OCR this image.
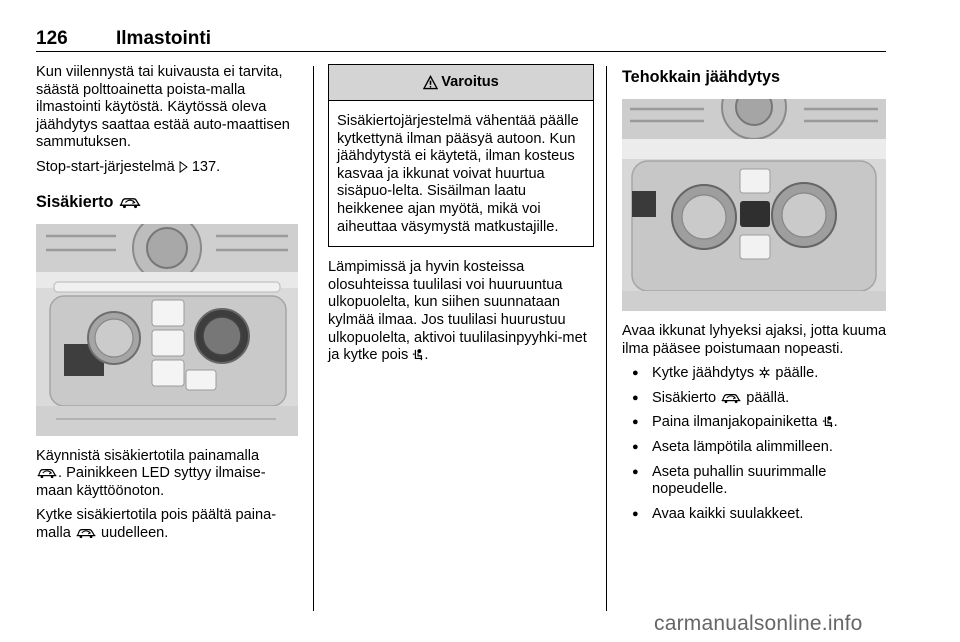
126	Ilmastointi

Kun viilennystä tai kuivausta ei tarvita, säästä polttoainetta poista-malla ilmastointi käytöstä. Käytössä oleva jäähdytys saattaa estää auto-maattisen sammutuksen.

Stop-start-järjestelmä 137.

Sisäkierto

Käynnistä sisäkiertotila painamalla
. Painikkeen LED syttyy ilmaise-maan käyttöönoton.

Kytke sisäkiertotila pois päältä paina-malla uudelleen.

Varoitus
Sisäkiertojärjestelmä vähentää päälle kytkettynä ilman pääsyä autoon. Kun jäähdytystä ei käytetä, ilman kosteus kasvaa ja ikkunat voivat huurtua sisäpuo-lelta. Sisäilman laatu heikkenee ajan myötä, mikä voi aiheuttaa väsymystä matkustajille.

Lämpimissä ja hyvin kosteissa olosuhteissa tuulilasi voi huuruuntua ulkopuolelta, kun siihen suunnataan kylmää ilmaa. Jos tuulilasi huurustuu ulkopuolelta, aktivoi tuulilasinpyyhki-met ja kytke pois .

Tehokkain jäähdytys

Avaa ikkunat lyhyeksi ajaksi, jotta kuuma ilma pääsee poistumaan nopeasti.

● Kytke jäähdytys päälle.
● Sisäkierto päällä.
● Paina ilmanjakopainiketta .
● Aseta lämpötila alimmilleen.
● Aseta puhallin suurimmalle nopeudelle.
● Avaa kaikki suulakkeet.
carmanualsonline.info
